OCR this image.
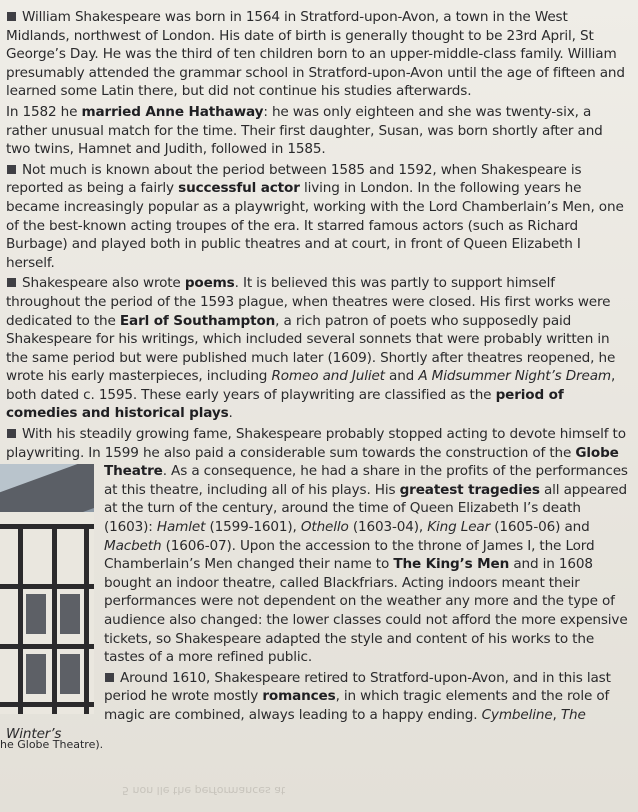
William Shakespeare was born in 1564 in Stratford-upon-Avon, a town in the West Midlands, northwest of London. His date of birth is generally thought to be 23rd April, St George’s Day. He was the third of ten children born to an upper-middle-class family. William presumably attended the grammar school in Stratford-upon-Avon until the age of fifteen and learned some Latin there, but did not continue his studies afterwards.

In 1582 he married Anne Hathaway: he was only eighteen and she was twenty-six, a rather unusual match for the time. Their first daughter, Susan, was born shortly after and two twins, Hamnet and Judith, followed in 1585.

Not much is known about the period between 1585 and 1592, when Shakespeare is reported as being a fairly successful actor living in London. In the following years he became increasingly popular as a playwright, working with the Lord Chamberlain’s Men, one of the best-known acting troupes of the era. It starred famous actors (such as Richard Burbage) and played both in public theatres and at court, in front of Queen Elizabeth I herself.

Shakespeare also wrote poems. It is believed this was partly to support himself throughout the period of the 1593 plague, when theatres were closed. His first works were dedicated to the Earl of Southampton, a rich patron of poets who supposedly paid Shakespeare for his writings, which included several sonnets that were probably written in the same period but were published much later (1609). Shortly after theatres reopened, he wrote his early masterpieces, including Romeo and Juliet and A Midsummer Night’s Dream, both dated c. 1595. These early years of playwriting are classified as the period of comedies and historical plays.

With his steadily growing fame, Shakespeare probably stopped acting to devote himself to playwriting. In 1599 he also paid a considerable sum towards the construction of the
Globe Theatre. As a consequence, he had a share in the profits of the performances at this theatre, including all of his plays. His greatest tragedies all appeared at the turn of the century, around the time of Queen Elizabeth I’s death (1603): Hamlet (1599-1601), Othello (1603-04), King Lear (1605-06) and Macbeth (1606-07). Upon the accession to the throne of James I, the Lord Chamberlain’s Men changed their name to The King’s Men and in 1608 bought an indoor theatre, called Blackfriars. Acting indoors meant their performances were not dependent on the weather any more and the type of audience also changed: the lower classes could not afford the more expensive tickets, so Shakespeare adapted the style and content of his works to the tastes of a more refined public.

Around 1610, Shakespeare retired to Stratford-upon-Avon, and in this last period he wrote mostly romances, in which tragic elements and the role of magic are combined, always leading to a happy ending. Cymbeline, The Winter’s

he Globe Theatre).
5 non lle the performances at
